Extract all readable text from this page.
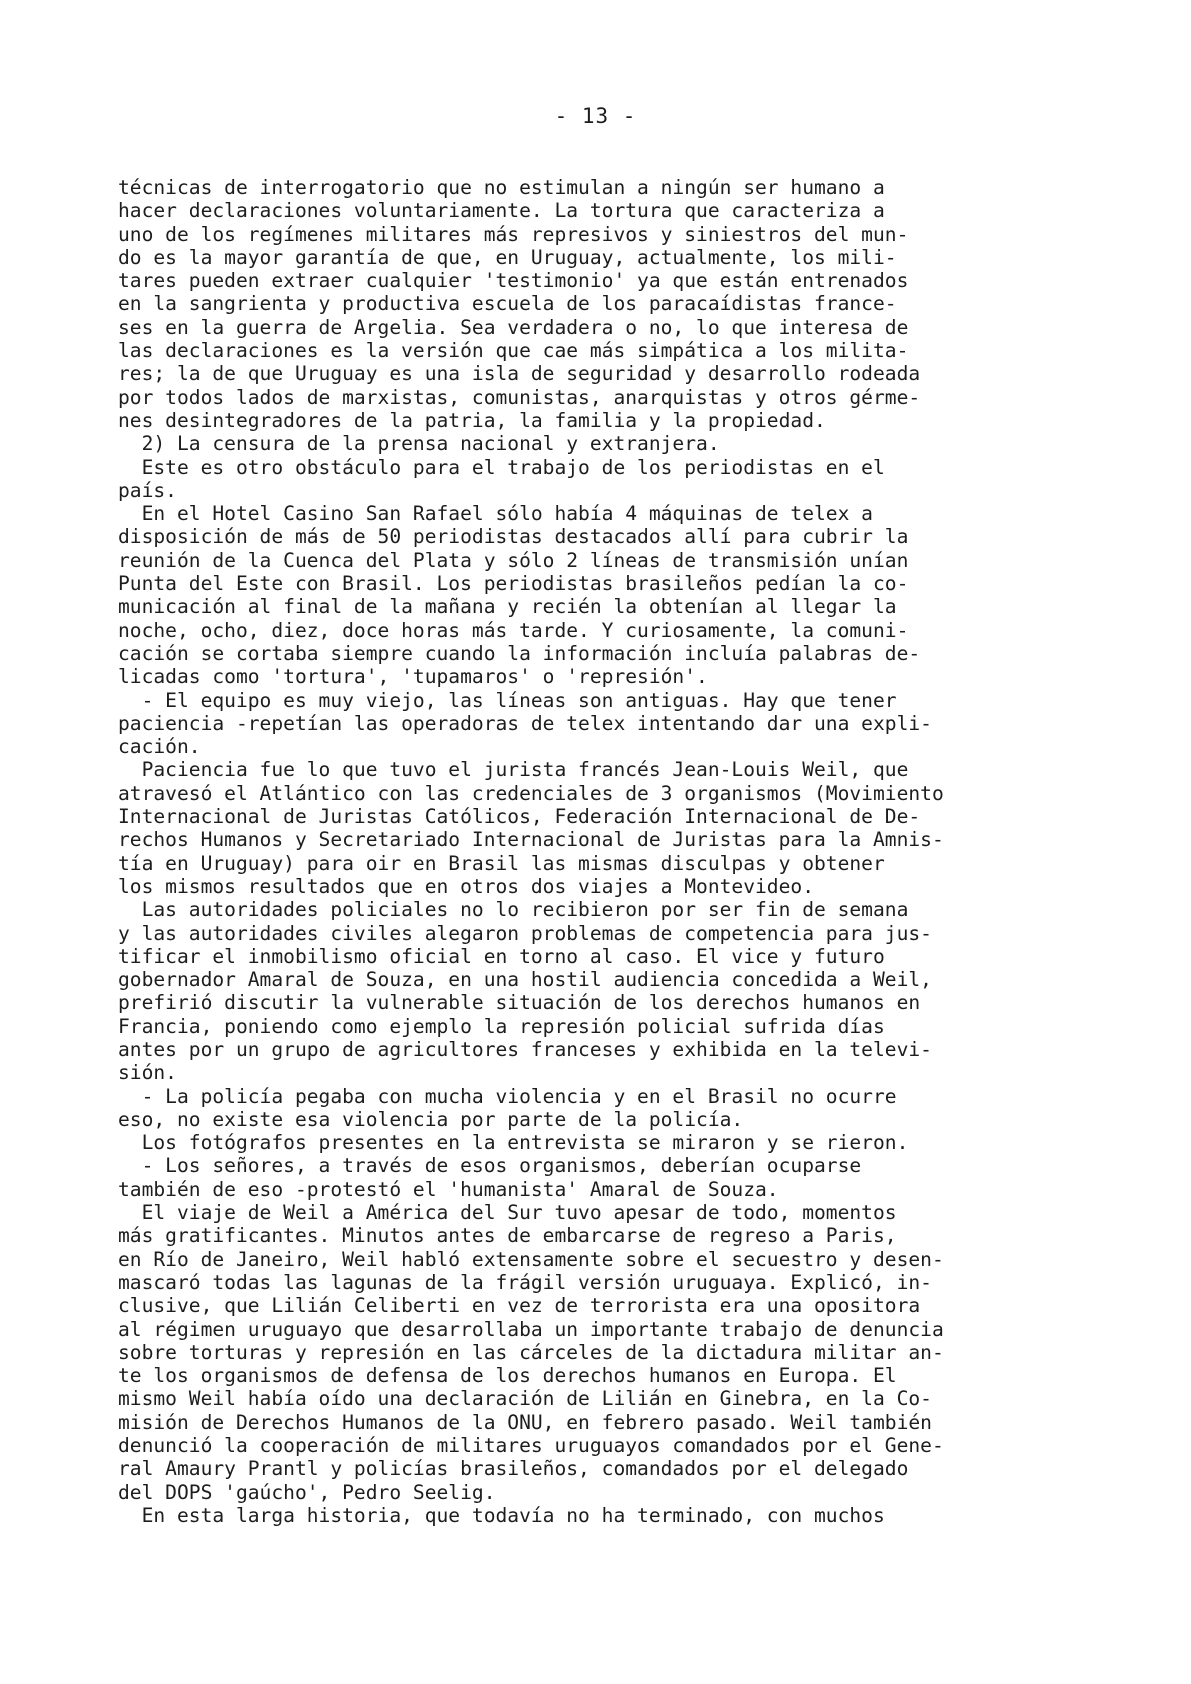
- 13 -
técnicas de interrogatorio que no estimulan a ningún ser humano a
hacer declaraciones voluntariamente. La tortura que caracteriza a
uno de los regímenes militares más represivos y siniestros del mun-
do es la mayor garantía de que, en Uruguay, actualmente, los mili-
tares pueden extraer cualquier 'testimonio' ya que están entrenados
en la sangrienta y productiva escuela de los paracaídistas france-
ses en la guerra de Argelia. Sea verdadera o no, lo que interesa de
las declaraciones es la versión que cae más simpática a los milita-
res; la de que Uruguay es una isla de seguridad y desarrollo rodeada
por todos lados de marxistas, comunistas, anarquistas y otros gérme-
nes desintegradores de la patria, la familia y la propiedad.
2) La censura de la prensa nacional y extranjera.
Este es otro obstáculo para el trabajo de los periodistas en el
país.
En el Hotel Casino San Rafael sólo había 4 máquinas de telex a
disposición de más de 50 periodistas destacados allí para cubrir la
reunión de la Cuenca del Plata y sólo 2 líneas de transmisión unían
Punta del Este con Brasil. Los periodistas brasileños pedían la co-
municación al final de la mañana y recién la obtenían al llegar la
noche, ocho, diez, doce horas más tarde. Y curiosamente, la comuni-
cación se cortaba siempre cuando la información incluía palabras de-
licadas como 'tortura', 'tupamaros' o 'represión'.
- El equipo es muy viejo, las líneas son antiguas. Hay que tener
paciencia -repetían las operadoras de telex intentando dar una expli-
cación.
Paciencia fue lo que tuvo el jurista francés Jean-Louis Weil, que
atravesó el Atlántico con las credenciales de 3 organismos (Movimiento
Internacional de Juristas Católicos, Federación Internacional de De-
rechos Humanos y Secretariado Internacional de Juristas para la Amnis-
tía en Uruguay) para oir en Brasil las mismas disculpas y obtener
los mismos resultados que en otros dos viajes a Montevideo.
Las autoridades policiales no lo recibieron por ser fin de semana
y las autoridades civiles alegaron problemas de competencia para jus-
tificar el inmobilismo oficial en torno al caso. El vice y futuro
gobernador Amaral de Souza, en una hostil audiencia concedida a Weil,
prefirió discutir la vulnerable situación de los derechos humanos en
Francia, poniendo como ejemplo la represión policial sufrida días
antes por un grupo de agricultores franceses y exhibida en la televi-
sión.
- La policía pegaba con mucha violencia y en el Brasil no ocurre
eso, no existe esa violencia por parte de la policía.
Los fotógrafos presentes en la entrevista se miraron y se rieron.
- Los señores, a través de esos organismos, deberían ocuparse
también de eso -protestó el 'humanista' Amaral de Souza.
El viaje de Weil a América del Sur tuvo apesar de todo, momentos
más gratificantes. Minutos antes de embarcarse de regreso a Paris,
en Río de Janeiro, Weil habló extensamente sobre el secuestro y desen-
mascaró todas las lagunas de la frágil versión uruguaya. Explicó, in-
clusive, que Lilián Celiberti en vez de terrorista era una opositora
al régimen uruguayo que desarrollaba un importante trabajo de denuncia
sobre torturas y represión en las cárceles de la dictadura militar an-
te los organismos de defensa de los derechos humanos en Europa. El
mismo Weil había oído una declaración de Lilián en Ginebra, en la Co-
misión de Derechos Humanos de la ONU, en febrero pasado. Weil también
denunció la cooperación de militares uruguayos comandados por el Gene-
ral Amaury Prantl y policías brasileños, comandados por el delegado
del DOPS 'gaúcho', Pedro Seelig.
En esta larga historia, que todavía no ha terminado, con muchos
